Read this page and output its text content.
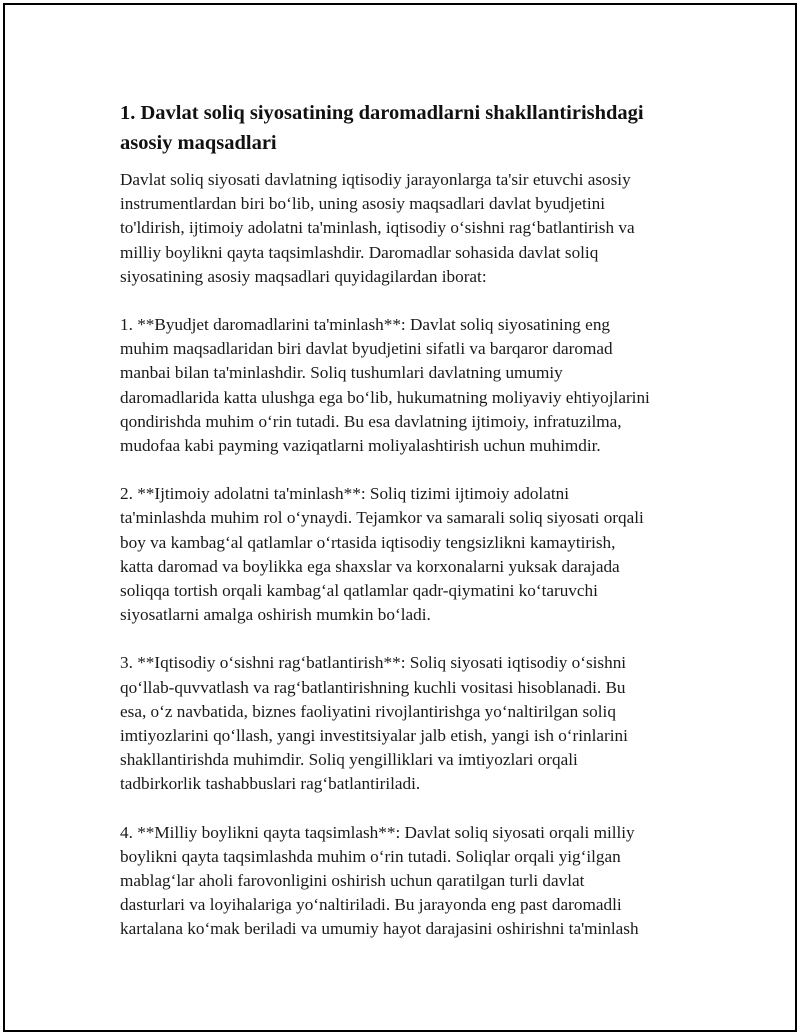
1. Davlat soliq siyosatining daromadlarni shakllantirishdagi
asosiy maqsadlari

Davlat soliq siyosati davlatning iqtisodiy jarayonlarga ta'sir etuvchi asosiy
instrumentlardan biri bo‘lib, uning asosiy maqsadlari davlat byudjetini
to'ldirish, ijtimoiy adolatni ta'minlash, iqtisodiy o‘sishni rag‘batlantirish va
milliy boylikni qayta taqsimlashdir. Daromadlar sohasida davlat soliq
siyosatining asosiy maqsadlari quyidagilardan iborat:

1. **Byudjet daromadlarini ta'minlash**: Davlat soliq siyosatining eng
muhim maqsadlaridan biri davlat byudjetini sifatli va barqaror daromad
manbai bilan ta'minlashdir. Soliq tushumlari davlatning umumiy
daromadlarida katta ulushga ega bo‘lib, hukumatning moliyaviy ehtiyojlarini
qondirishda muhim o‘rin tutadi. Bu esa davlatning ijtimoiy, infratuzilma,
mudofaa kabi payming vaziqatlarni moliyalashtirish uchun muhimdir.

2. **Ijtimoiy adolatni ta'minlash**: Soliq tizimi ijtimoiy adolatni
ta'minlashda muhim rol o‘ynaydi. Tejamkor va samarali soliq siyosati orqali
boy va kambag‘al qatlamlar o‘rtasida iqtisodiy tengsizlikni kamaytirish,
katta daromad va boylikka ega shaxslar va korxonalarni yuksak darajada
soliqqa tortish orqali kambag‘al qatlamlar qadr-qiymatini ko‘taruvchi
siyosatlarni amalga oshirish mumkin bo‘ladi.

3. **Iqtisodiy o‘sishni rag‘batlantirish**: Soliq siyosati iqtisodiy o‘sishni
qo‘llab-quvvatlash va rag‘batlantirishning kuchli vositasi hisoblanadi. Bu
esa, o‘z navbatida, biznes faoliyatini rivojlantirishga yo‘naltirilgan soliq
imtiyozlarini qo‘llash, yangi investitsiyalar jalb etish, yangi ish o‘rinlarini
shakllantirishda muhimdir. Soliq yengilliklari va imtiyozlari orqali
tadbirkorlik tashabbuslari rag‘batlantiriladi.

4. **Milliy boylikni qayta taqsimlash**: Davlat soliq siyosati orqali milliy
boylikni qayta taqsimlashda muhim o‘rin tutadi. Soliqlar orqali yig‘ilgan
mablag‘lar aholi farovonligini oshirish uchun qaratilgan turli davlat
dasturlari va loyihalariga yo‘naltiriladi. Bu jarayonda eng past daromadli
kartalana ko‘mak beriladi va umumiy hayot darajasini oshirishni ta'minlash
